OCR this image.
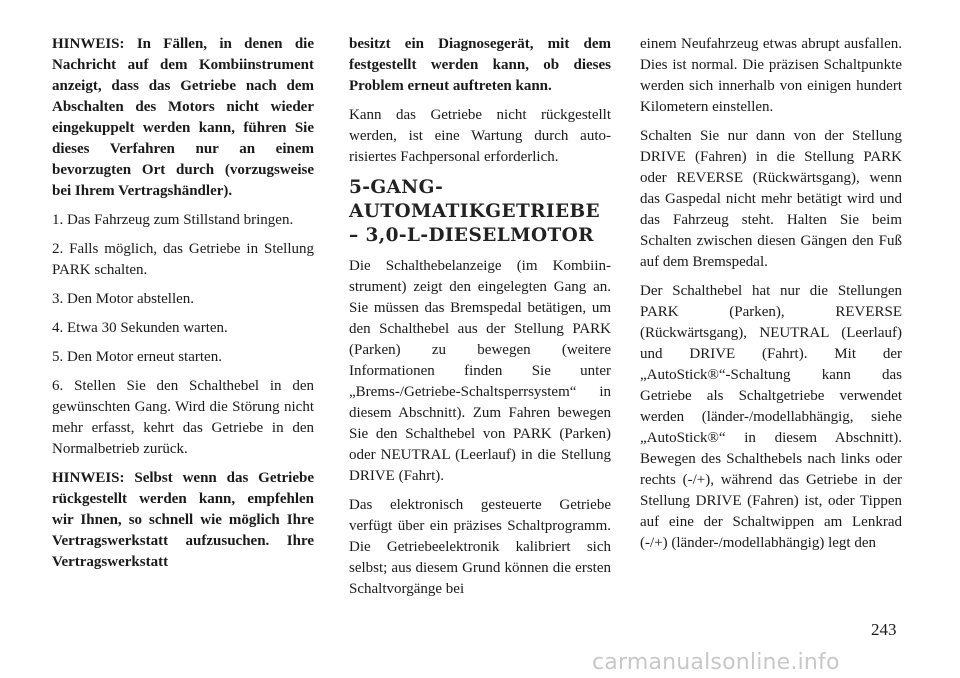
HINWEIS: In Fällen, in denen die Nachricht auf dem Kombiinstrument anzeigt, dass das Getriebe nach dem Abschalten des Motors nicht wieder eingekuppelt werden kann, führen Sie dieses Verfahren nur an einem bevorzugten Ort durch (vorzugsweise bei Ihrem Vertragshändler).

1. Das Fahrzeug zum Stillstand bringen.

2. Falls möglich, das Getriebe in Stellung PARK schalten.

3. Den Motor abstellen.

4. Etwa 30 Sekunden warten.

5. Den Motor erneut starten.

6. Stellen Sie den Schalthebel in den gewünschten Gang. Wird die Störung nicht mehr erfasst, kehrt das Getriebe in den Normalbetrieb zurück.

HINWEIS: Selbst wenn das Getriebe rückgestellt werden kann, empfehlen wir Ihnen, so schnell wie möglich Ihre Vertragswerkstatt aufzusuchen. Ihre Vertragswerkstatt

besitzt ein Diagnosegerät, mit dem festgestellt werden kann, ob dieses Problem erneut auftreten kann.

Kann das Getriebe nicht rückgestellt werden, ist eine Wartung durch autorisiertes Fachpersonal erforderlich.

5-GANG-AUTOMATIKGETRIEBE – 3,0-L-DIESELMOTOR

Die Schalthebelanzeige (im Kombiinstrument) zeigt den eingelegten Gang an. Sie müssen das Bremspedal betätigen, um den Schalthebel aus der Stellung PARK (Parken) zu bewegen (weitere Informationen finden Sie unter „Brems-/Getriebe-Schaltsperrsystem“ in diesem Abschnitt). Zum Fahren bewegen Sie den Schalthebel von PARK (Parken) oder NEUTRAL (Leerlauf) in die Stellung DRIVE (Fahrt).

Das elektronisch gesteuerte Getriebe verfügt über ein präzises Schaltprogramm. Die Getriebeelektronik kalibriert sich selbst; aus diesem Grund können die ersten Schaltvorgänge bei

einem Neufahrzeug etwas abrupt ausfallen. Dies ist normal. Die präzisen Schaltpunkte werden sich innerhalb von einigen hundert Kilometern einstellen.

Schalten Sie nur dann von der Stellung DRIVE (Fahren) in die Stellung PARK oder REVERSE (Rückwärtsgang), wenn das Gaspedal nicht mehr betätigt wird und das Fahrzeug steht. Halten Sie beim Schalten zwischen diesen Gängen den Fuß auf dem Bremspedal.

Der Schalthebel hat nur die Stellungen PARK (Parken), REVERSE (Rückwärtsgang), NEUTRAL (Leerlauf) und DRIVE (Fahrt). Mit der „AutoStick®“-Schaltung kann das Getriebe als Schaltgetriebe verwendet werden (länder-/modellabhängig, siehe „AutoStick®“ in diesem Abschnitt). Bewegen des Schalthebels nach links oder rechts (-/+), während das Getriebe in der Stellung DRIVE (Fahren) ist, oder Tippen auf eine der Schaltwippen am Lenkrad (-/+) (länder-/modellabhängig) legt den

243
carmanualsonline.info
